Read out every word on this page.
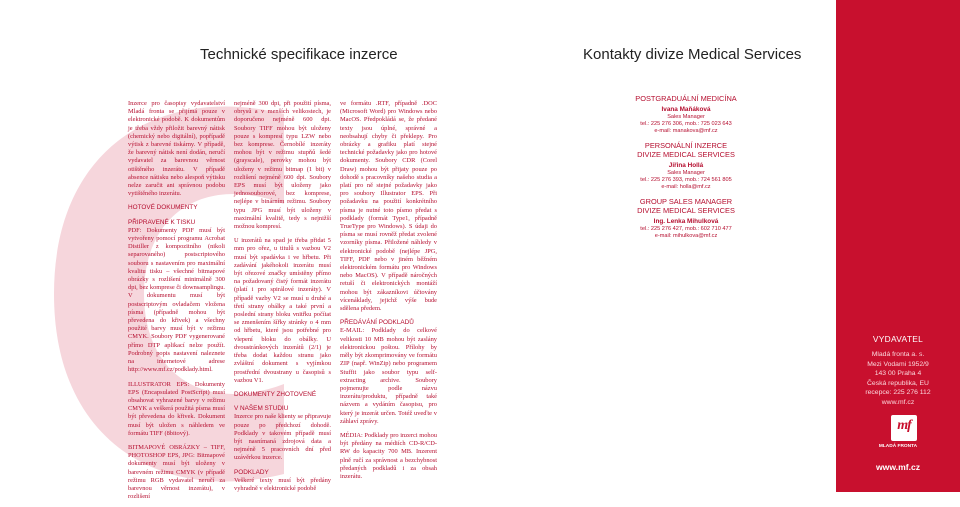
Technické specifikace inzerce	Kontakty divize Medical Services

Inzerce pro časopisy vydavatelství Mladá fronta se přijímá pouze v elektronické podobě. K dokumentům je třeba vždy přiložit barevný nátisk (chemický nebo digitální), popřípadě výtisk z barevné tiskárny. V případě, že barevný nátisk není dodán, neručí vydavatel za barevnou věrnost otištěného inzerátu. V případě absence nátisku nebo alespoň výtisku nelze zaručit ani správnou podobu vytištěného inzerátu.

HOTOVÉ DOKUMENTY
PŘIPRAVENÉ K TISKU

PDF: Dokumenty PDF musí být vytvořeny pomocí programu Acrobat Distiller z kompozitního (nikoli separovaného) postscriptového souboru s nastavením pro maximální kvalitu tisku – všechné bitmapové obrázky s rozlišení minimálně 300 dpi, bez komprese či downsamplingu. V dokumentu musí být postscriptovým ovladačem vložena písma (případně mohou být převedena do křivek) a všechny použité barvy musí být v režimu CMYK. Soubory PDF vygenerované přímo DTP aplikací nelze použít. Podrobný popis nastavení naleznete na internetové adrese http://www.mf.cz/podklady.html.

ILLUSTRATOR EPS: Dokumenty EPS (Encapsulated PostScript) musí obsahovat vyhrazené barvy v režimu CMYK a veškerá použitá písma musí být převedena do křivek. Dokument musí být uložen s náhledem ve formátu TIFF (8bitový).

BITMAPOVÉ OBRÁZKY – TIFF, PHOTOSHOP EPS, JPG: Bitmapové dokumenty musí být uloženy v barevném režimu CMYK (v případě režimu RGB vydavatel neručí za barevnou věrnost inzerátu), v rozlišení

nejméně 300 dpi, při použití písma, obrysů a v menších velikostech, je doporučeno nejméně 600 dpi. Soubory TIFF mohou být uloženy pouze s kompresí typu LZW nebo bez komprese. Černobílé inzeráty mohou být v režimu stupňů šedé (grayscale), perovky mohou být uloženy v režimu bitmap (1 bit) v rozlišení nejméně 600 dpi. Soubory EPS musí být uloženy jako jednosouborové, bez komprese, nejlépe v binárním režimu. Soubory typu JPG musí být uloženy v maximální kvalitě, tedy s nejnižší možnou kompresí.

U inzerátů na spad je třeba přidat 5 mm pro ořez, u titulů s vazbou V2 musí být spadávka i ve hřbetu. Při zadávání jakéhokoli inzerátu musí být ořezové značky umístěny přímo na požadovaný čistý formát inzerátu (platí i pro spirálové inzeráty). V případě vazby V2 se musí u druhé a třetí strany obálky a také první a poslední strany bloku vnitřku počítat se zmenšením šířky stránky o 4 mm od hřbetu, které jsou potřebné pro vlepení bloku do obálky. U dvoustránkových inzerátů (2/1) je třeba dodat každou stranu jako zvláštní dokument s vyjímkou prostřední dvoustrany u časopisů s vazbou V1.

DOKUMENTY ZHOTOVENÉ
V NAŠEM STUDIU

Inzerce pro naše klienty se připravuje pouze po předchozí dohodě. Podklady v takovém případě musí být nasnímaná zdrojová data a nejméně 5 pracovních dní před uzávěrkou inzerce.

PODKLADY

Veškeré texty musí být předány vyhradně v elektronické podobě

ve formátu .RTF, případně .DOC (Microsoft Word) pro Windows nebo MacOS. Předpokládá se, že předané texty jsou úplné, správné a neobsahují chyby či překlepy. Pro obrázky a grafiku platí stejné technické požadavky jako pro hotové dokumenty. Soubory CDR (Corel Draw) mohou být přijaty pouze po dohodě s pracovníky našeho studia a platí pro ně stejné požadavky jako pro soubory Illustrator EPS. Při požadavku na použití konkrétního písma je nutné toto písmo předat s podklady (formát Type1, případně TrueType pro Windows). S údaji do písma se musí rovněž předat zvolené vzorníky písma. Přiložené náhledy v elektronické podobě (nejlépe JPG, TIFF, PDF nebo v jiném běžném elektronickém formátu pro Windows nebo MacOS). V případě náročných retuší či elektronických montáží mohou být zákazníkovi účtovány vícenáklady, jejichž výše bude sdělena předem.

PŘEDÁVÁNÍ PODKLADŮ

E-MAIL: Podklady do celkové velikosti 10 MB mohou být zaslány elektronickou poštou. Přílohy by měly být zkomprimovány ve formátu ZIP (např. WinZip) nebo programem Stuffit jako soubor typu self-extracting archive. Soubory pojmenujte podle názvu inzerátu/produktu, případně také názvem a vydáním časopisu, pro který je inzerát určen. Totéž uveďte v záhlaví zprávy.

MÉDIA: Podklady pro inzerci mohou být předány na médiích CD-R/CD-RW do kapacity 700 MB. Inzerent plně ručí za správnost a bezchybnost předaných podkladů i za obsah inzerátu.

POSTGRADUÁLNÍ MEDICÍNA
Ivana Maňáková
Sales Manager
tel.: 225 276 306, mob.: 725 023 643
e-mail: manakova@mf.cz
PERSONÁLNÍ INZERCE
DIVIZE MEDICAL SERVICES
Jiřina Hollá
Sales Manager
tel.: 225 276 393, mob.: 724 561 805
e-mail: holla@mf.cz
GROUP SALES MANAGER
DIVIZE MEDICAL SERVICES
Ing. Lenka Mihulková
tel.: 225 276 427, mob.: 602 710 477
e-mail: mihulkova@mf.cz
VYDAVATEL
Mladá fronta a. s.
Mezi Vodami 1952/9
143 00 Praha 4
Česká republika, EU
recepce: 225 276 112
www.mf.cz
mf
MLADÁ FRONTA
www.mf.cz
